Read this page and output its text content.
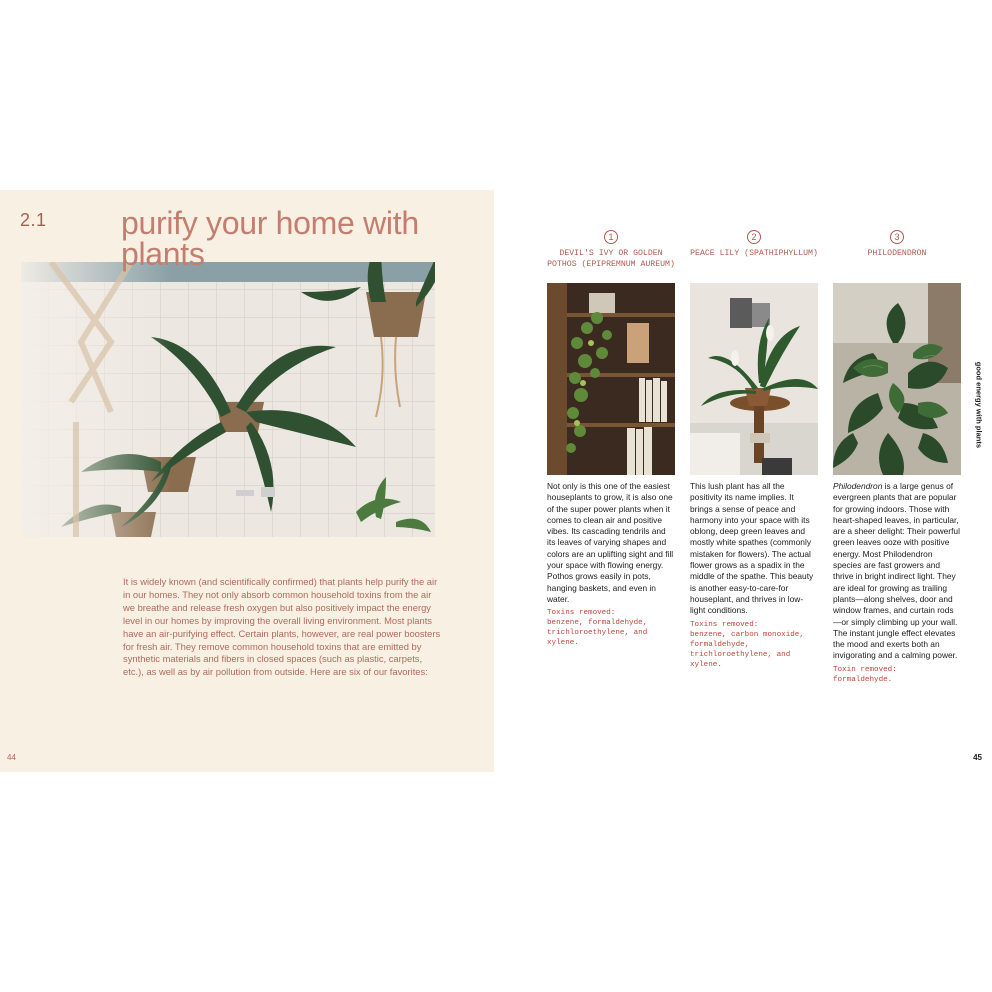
2.1 purify your home with plants

It is widely known (and scientifically confirmed) that plants help purify the air in our homes. They not only absorb common household toxins from the air we breathe and release fresh oxygen but also positively impact the energy level in our homes by improving the overall living environment. Most plants have an air-purifying effect. Certain plants, however, are real power boosters for fresh air. They remove common household toxins that are emitted by synthetic materials and fibers in closed spaces (such as plastic, carpets, etc.), as well as by air pollution from outside. Here are six of our favorites:

44
1
DEVIL'S IVY OR GOLDEN POTHOS (EPIPREMNUM AUREUM)

Not only is this one of the easiest houseplants to grow, it is also one of the super power plants when it comes to clean air and positive vibes. Its cascading tendrils and its leaves of varying shapes and colors are an uplifting sight and fill your space with flowing energy. Pothos grows easily in pots, hanging baskets, and even in water.

Toxins removed:
benzene, formaldehyde, trichloroethylene, and xylene.
2
PEACE LILY (SPATHIPHYLLUM)

This lush plant has all the positivity its name implies. It brings a sense of peace and harmony into your space with its oblong, deep green leaves and mostly white spathes (commonly mistaken for flowers). The actual flower grows as a spadix in the middle of the spathe. This beauty is another easy-to-care-for houseplant, and thrives in low-light conditions.

Toxins removed:
benzene, carbon monoxide, formaldehyde, trichloroethylene, and xylene.
3
PHILODENDRON

Philodendron is a large genus of evergreen plants that are popular for growing indoors. Those with heart-shaped leaves, in particular, are a sheer delight: Their powerful green leaves ooze with positive energy. Most Philodendron species are fast growers and thrive in bright indirect light. They are ideal for growing as trailing plants—along shelves, door and window frames, and curtain rods—or simply climbing up your wall. The instant jungle effect elevates the mood and exerts both an invigorating and a calming power.

Toxin removed:
formaldehyde.
good energy with plants
45
